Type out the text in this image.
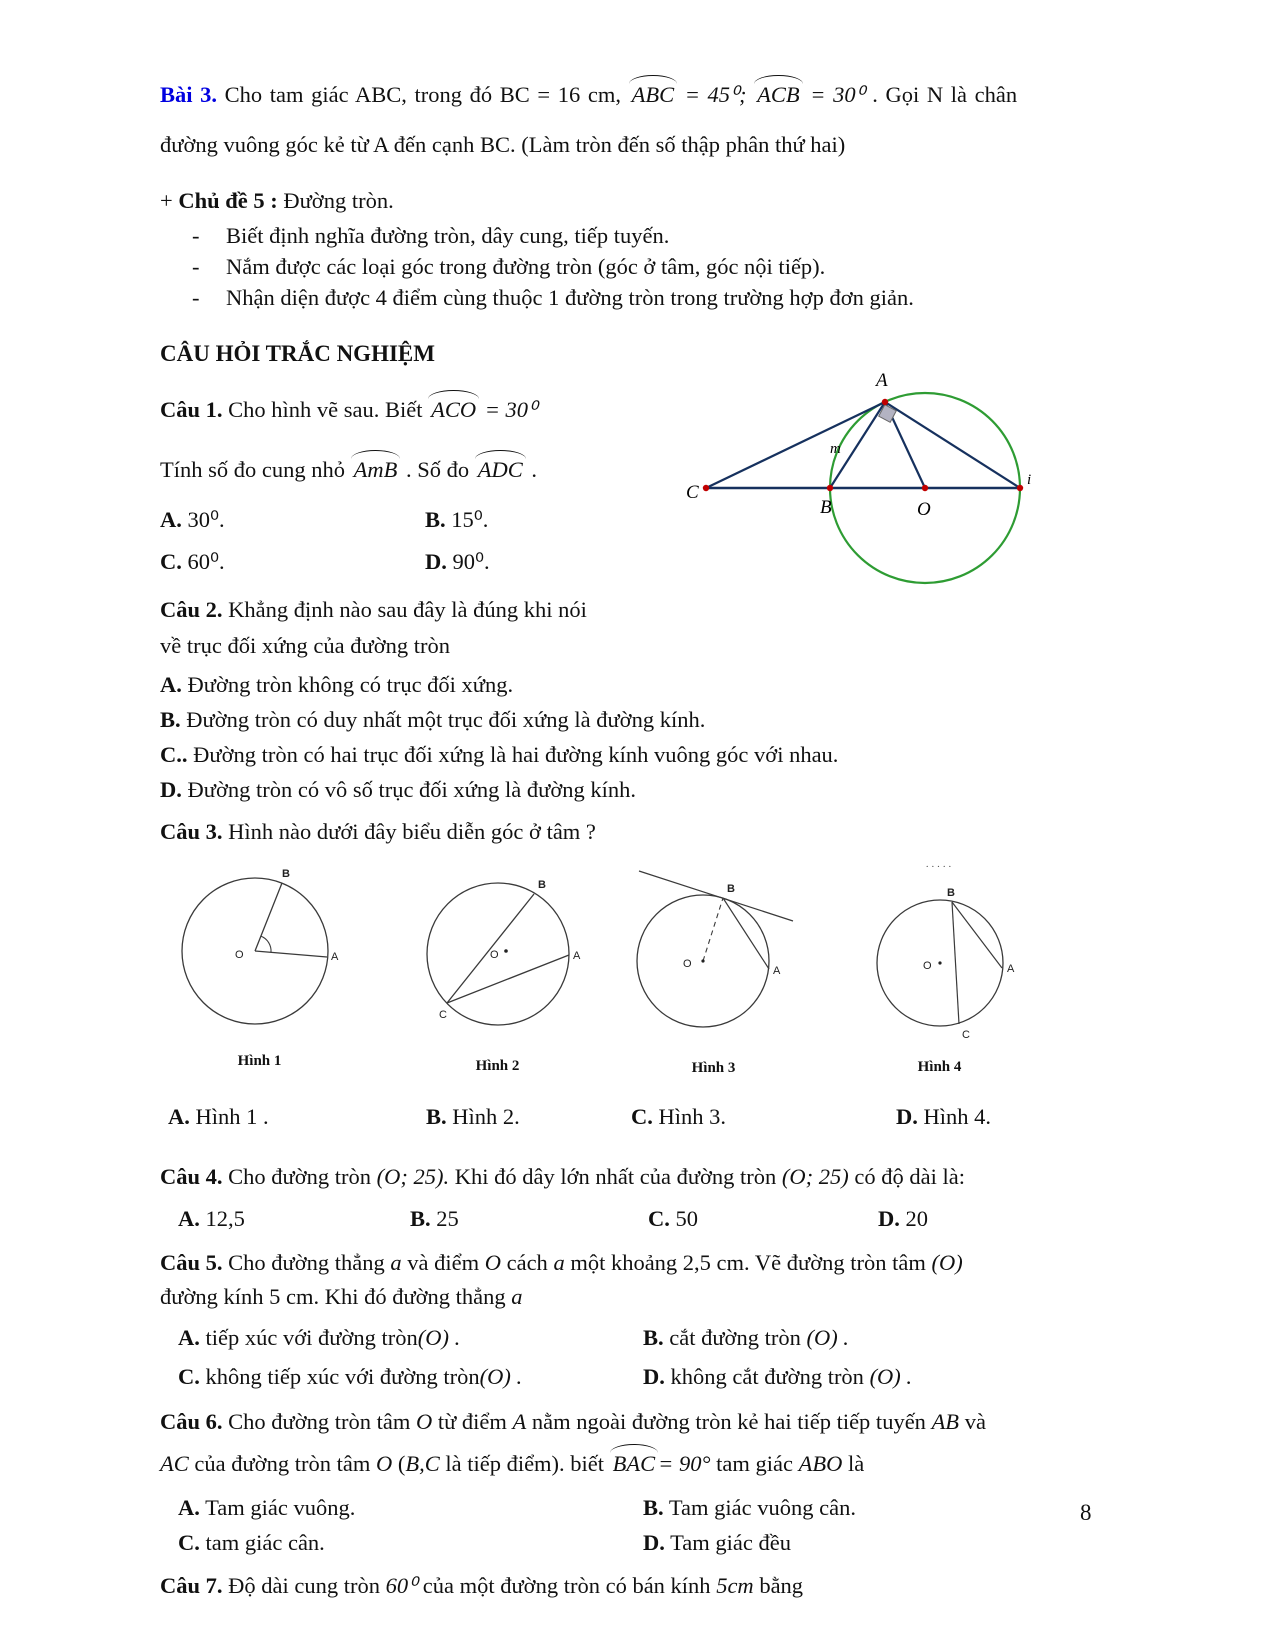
Bài 3. Cho tam giác ABC, trong đó BC = 16 cm, ABC = 45⁰; ACB = 30⁰ . Gọi N là chân

đường vuông góc kẻ từ A đến cạnh BC. (Làm tròn đến số thập phân thứ hai)

+ Chủ đề 5 : Đường tròn.

- Biết định nghĩa đường tròn, dây cung, tiếp tuyến.
- Nắm được các loại góc trong đường tròn (góc ở tâm, góc nội tiếp).
- Nhận diện được 4 điểm cùng thuộc 1 đường tròn trong trường hợp đơn giản.
CÂU HỎI TRẮC NGHIỆM

Câu 1. Cho hình vẽ sau. Biết ACO = 30⁰

Tính số đo cung nhỏ AmB . Số đo ADC .

A. 30⁰.	B. 15⁰.
C. 60⁰.	D. 90⁰.

Câu 2. Khẳng định nào sau đây là đúng khi nói

về trục đối xứng của đường tròn

A. Đường tròn không có trục đối xứng.

B. Đường tròn có duy nhất một trục đối xứng là đường kính.

C.. Đường tròn có hai trục đối xứng là hai đường kính vuông góc với nhau.

D. Đường tròn có vô số trục đối xứng là đường kính.

Câu 3. Hình nào dưới đây biểu diễn góc ở tâm ?

B
A
O
Hình 1
B
A
C
O
Hình 2
B
A
O
Hình 3
·····
B
A
C
O
Hình 4
A. Hình 1 .	B. Hình 2.	C. Hình 3.	D. Hình 4.

Câu 4. Cho đường tròn (O; 25). Khi đó dây lớn nhất của đường tròn (O; 25) có độ dài là:

A. 12,5	B. 25	C. 50	D. 20

Câu 5. Cho đường thẳng a và điểm O cách a một khoảng 2,5 cm. Vẽ đường tròn tâm (O)

đường kính 5 cm. Khi đó đường thẳng a

A. tiếp xúc với đường tròn(O) .	B. cắt đường tròn (O) .
C. không tiếp xúc với đường tròn(O) .	D. không cắt đường tròn (O) .

Câu 6. Cho đường tròn tâm O từ điểm A nằm ngoài đường tròn kẻ hai tiếp tiếp tuyến AB và

AC của đường tròn tâm O (B,C là tiếp điểm). biết BAC = 90° tam giác ABO là

A. Tam giác vuông.	B. Tam giác vuông cân.
C. tam giác cân.	D. Tam giác đều

Câu 7. Độ dài cung tròn 60⁰ của một đường tròn có bán kính 5cm bằng

A
m
C
B	O
i
8
